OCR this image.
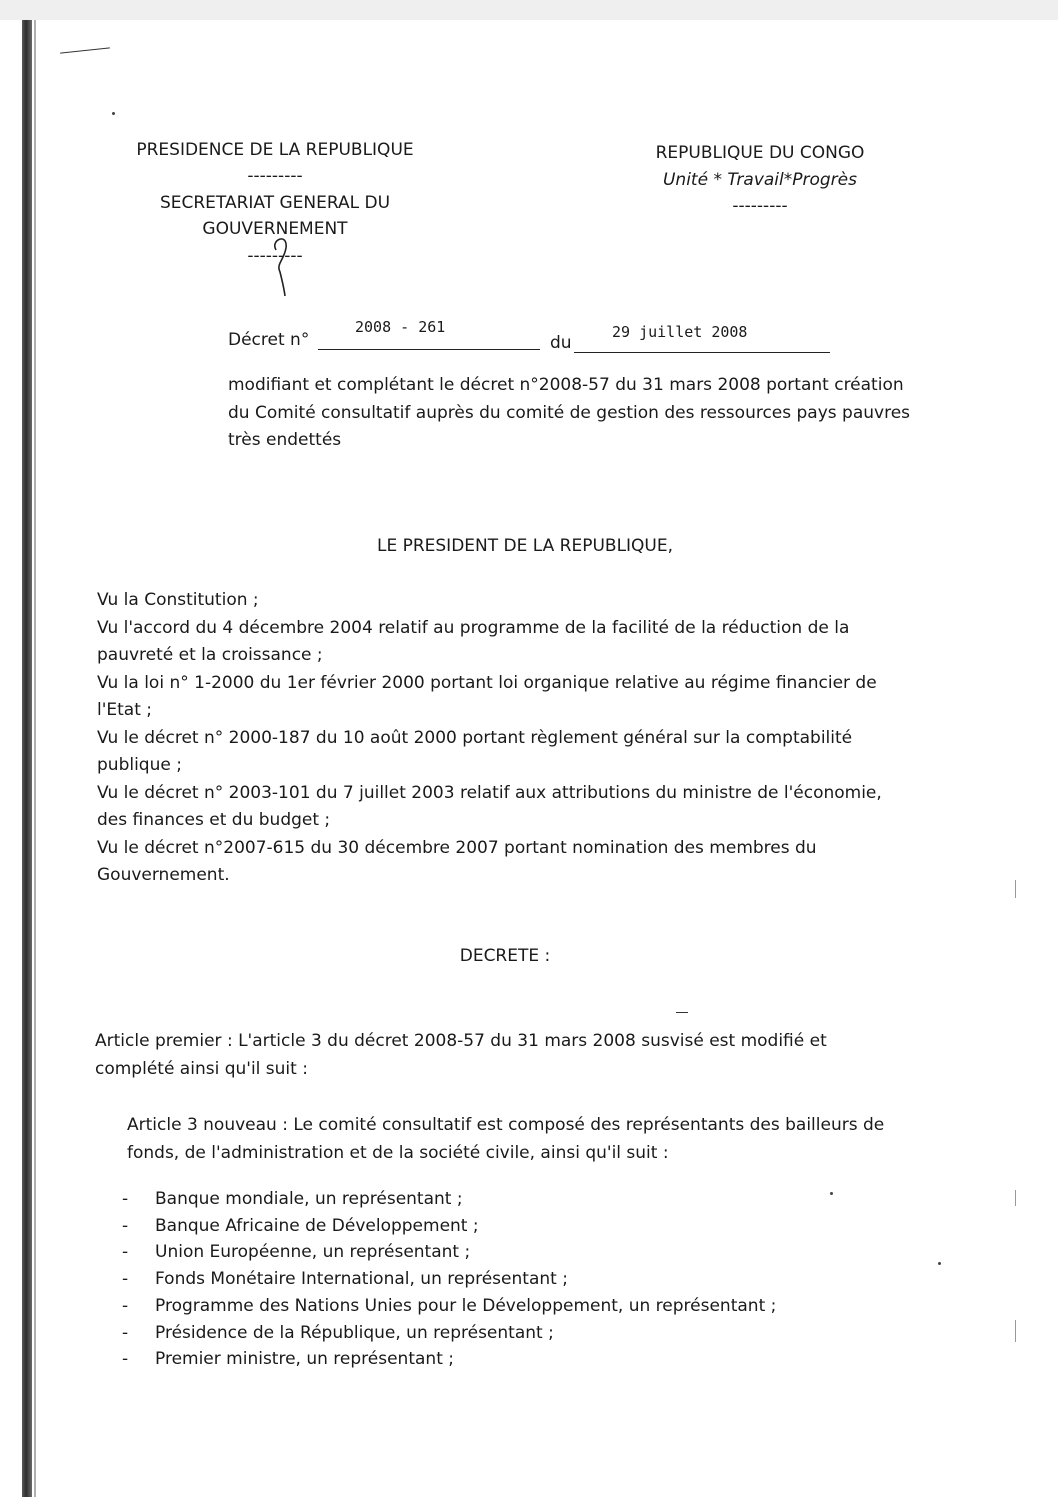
PRESIDENCE DE LA REPUBLIQUE
---------
SECRETARIAT GENERAL DU
GOUVERNEMENT
---------
REPUBLIQUE DU CONGO
Unité * Travail*Progrès
---------
Décret n°
2008 - 261
du
29 juillet 2008
modifiant et complétant le décret n°2008-57 du 31 mars 2008 portant création
du Comité consultatif auprès du comité de gestion des ressources pays pauvres
très endettés
LE PRESIDENT DE LA REPUBLIQUE,
Vu la Constitution ;
Vu l'accord du 4 décembre 2004 relatif au programme de la facilité de la réduction de la
pauvreté et la croissance ;
Vu la loi n° 1-2000 du 1er février 2000 portant loi organique relative au régime financier de
l'Etat ;
Vu le décret n° 2000-187 du 10 août 2000 portant règlement général sur la comptabilité
publique ;
Vu le décret n° 2003-101 du 7 juillet 2003 relatif aux attributions du ministre de l'économie,
des finances et du budget ;
Vu le décret n°2007-615 du 30 décembre 2007 portant nomination des membres du
Gouvernement.
DECRETE :
Article premier : L'article 3 du décret 2008-57 du 31 mars 2008 susvisé est modifié et
complété ainsi qu'il suit :
Article 3 nouveau : Le comité consultatif est composé des représentants des bailleurs de
fonds, de l'administration et de la société civile, ainsi qu'il suit :
- Banque mondiale, un représentant ;
- Banque Africaine de Développement ;
- Union Européenne, un représentant ;
- Fonds Monétaire International, un représentant ;
- Programme des Nations Unies pour le Développement, un représentant ;
- Présidence de la République, un représentant ;
- Premier ministre, un représentant ;
